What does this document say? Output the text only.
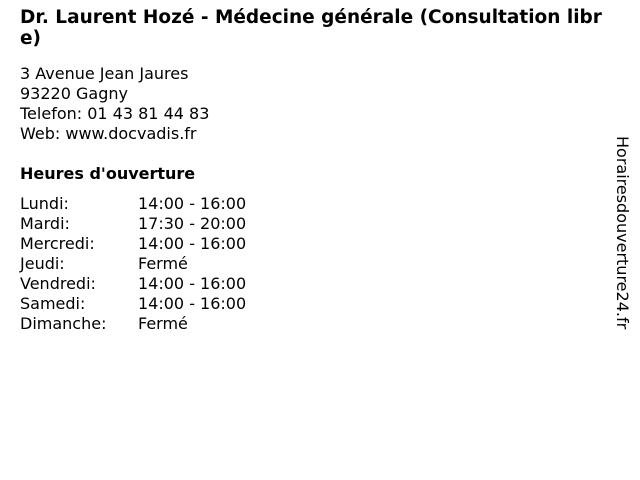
Dr. Laurent Hozé - Médecine générale (Consultation libre)
3 Avenue Jean Jaures
93220 Gagny
Telefon: 01 43 81 44 83
Web: www.docvadis.fr
Heures d'ouverture
Lundi:	14:00 - 16:00
Mardi:	17:30 - 20:00
Mercredi:	14:00 - 16:00
Jeudi:	Fermé
Vendredi:	14:00 - 16:00
Samedi:	14:00 - 16:00
Dimanche:	Fermé	Horairesdouverture24.fr
